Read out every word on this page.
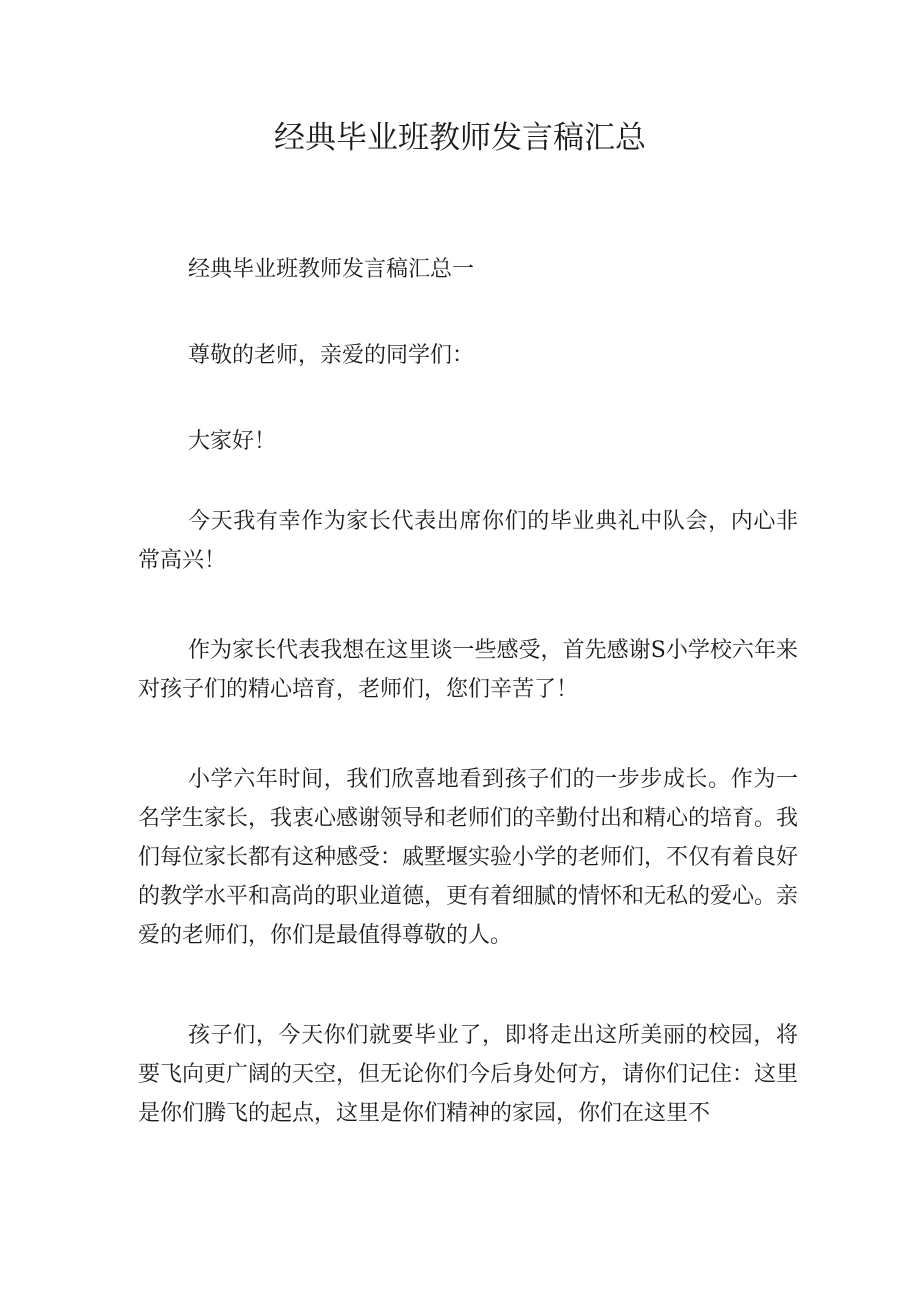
经典毕业班教师发言稿汇总

经典毕业班教师发言稿汇总一

尊敬的老师，亲爱的同学们：

大家好！

今天我有幸作为家长代表出席你们的毕业典礼中队会，内心非常高兴！

作为家长代表我想在这里谈一些感受，首先感谢S小学校六年来对孩子们的精心培育，老师们，您们辛苦了！

小学六年时间，我们欣喜地看到孩子们的一步步成长。作为一名学生家长，我衷心感谢领导和老师们的辛勤付出和精心的培育。我们每位家长都有这种感受：戚墅堰实验小学的老师们，不仅有着良好的教学水平和高尚的职业道德，更有着细腻的情怀和无私的爱心。亲爱的老师们，你们是最值得尊敬的人。

孩子们，今天你们就要毕业了，即将走出这所美丽的校园，将要飞向更广阔的天空，但无论你们今后身处何方，请你们记住：这里是你们腾飞的起点，这里是你们精神的家园，你们在这里不
